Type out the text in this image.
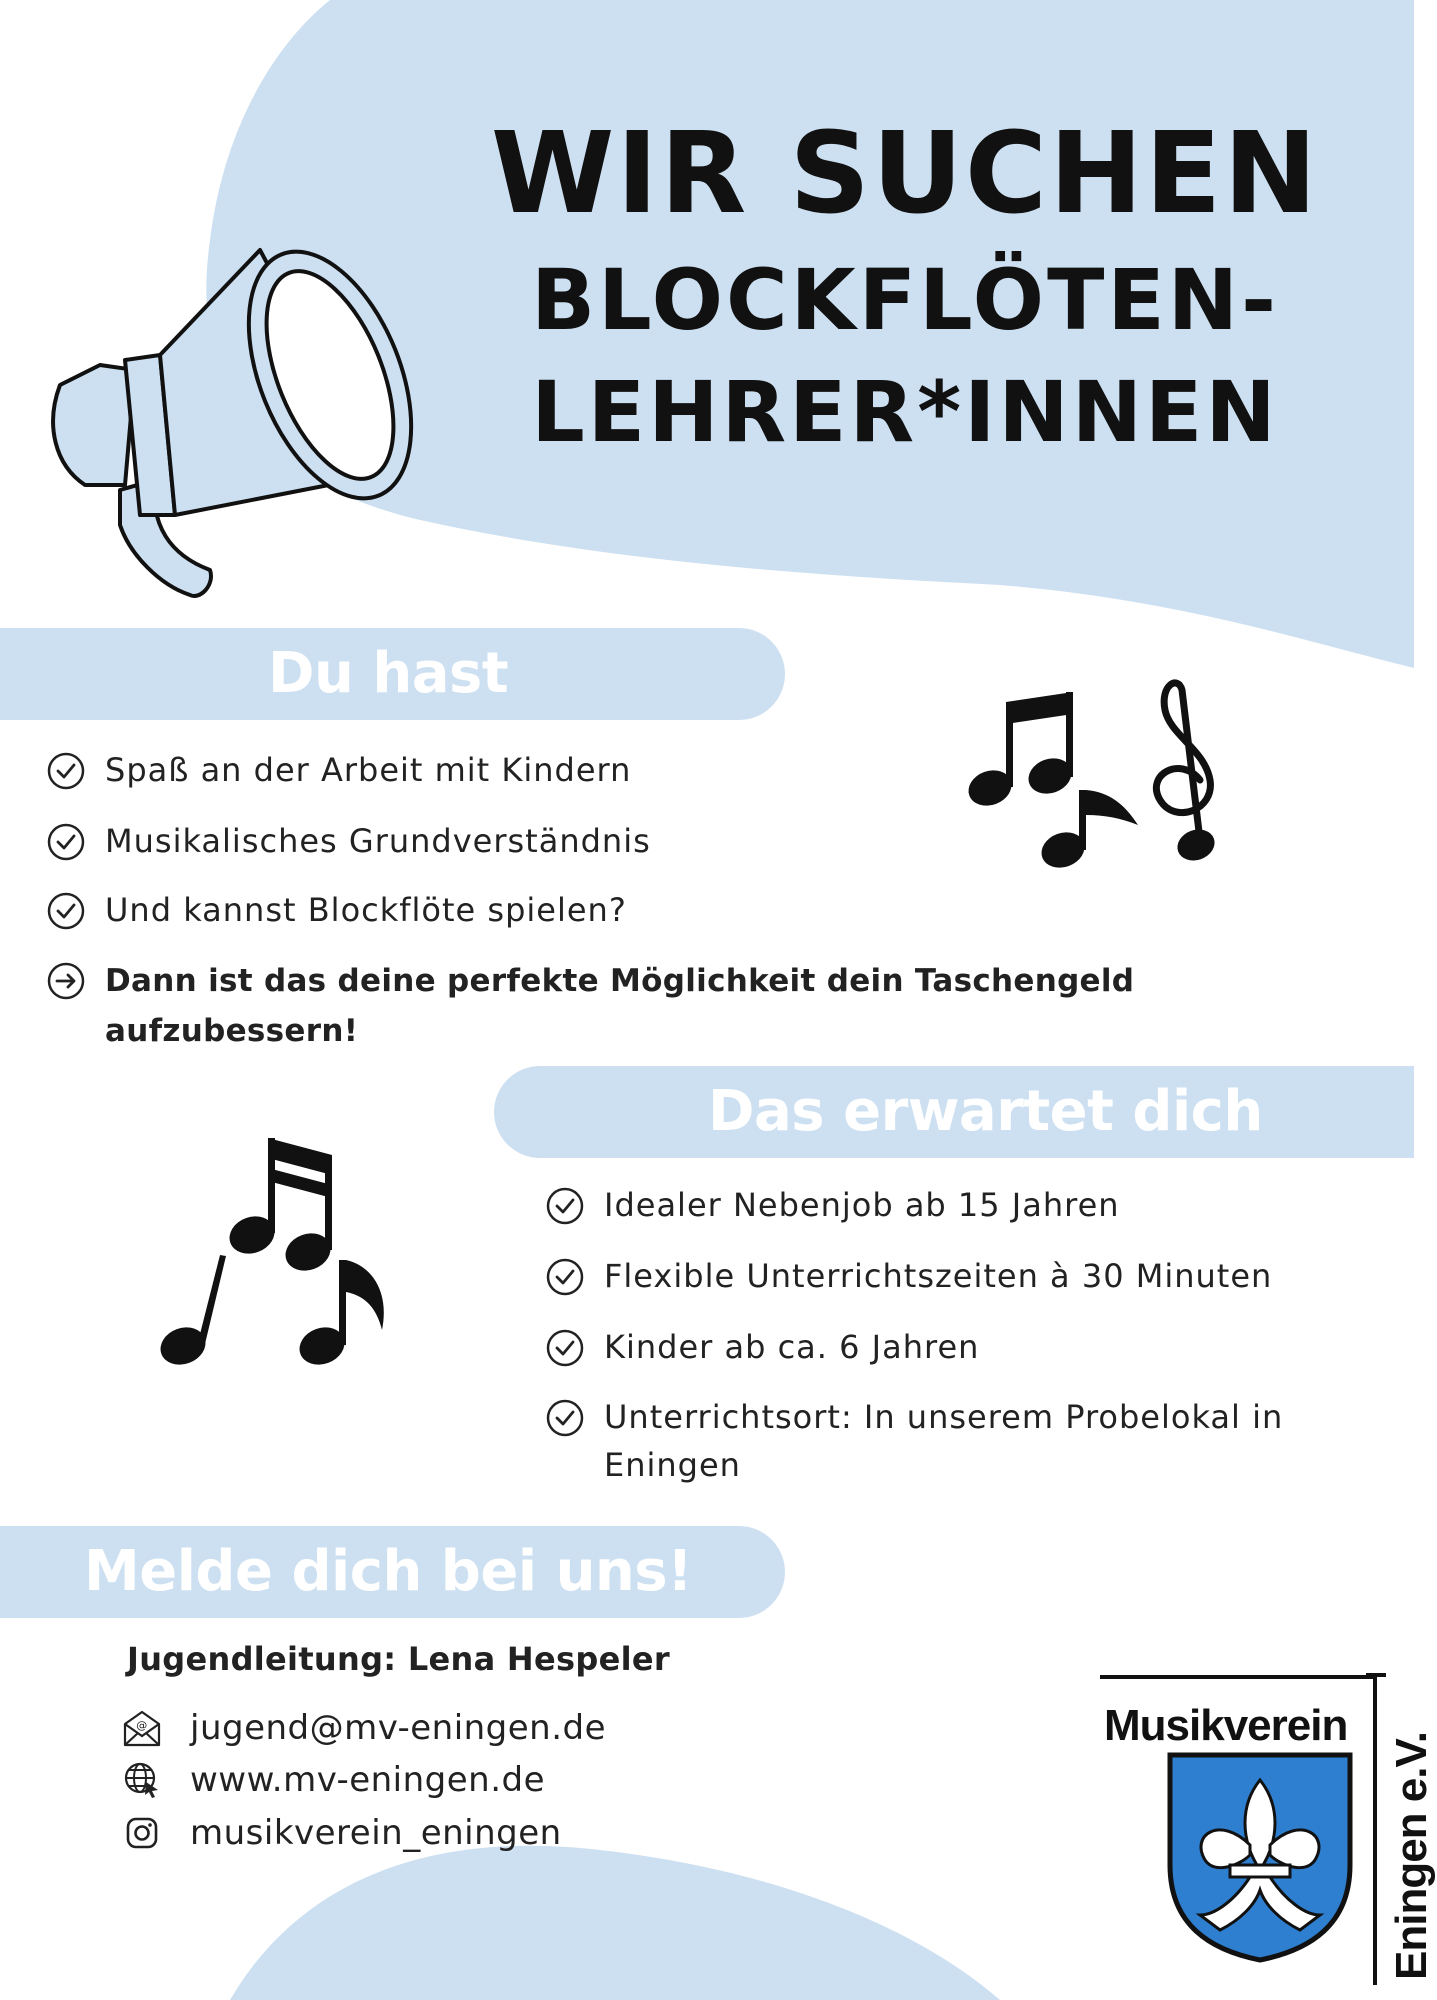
WIR SUCHEN
BLOCKFLÖTEN-
LEHRER*INNEN
Du hast
Spaß an der Arbeit mit Kindern
Musikalisches Grundverständnis
Und kannst Blockflöte spielen?
Dann ist das deine perfekte Möglichkeit dein Taschengeld
aufzubessern!
Das erwartet dich
Idealer Nebenjob ab 15 Jahren
Flexible Unterrichtszeiten à 30 Minuten
Kinder ab ca. 6 Jahren
Unterrichtsort: In unserem Probelokal in
Eningen
Melde dich bei uns!
Jugendleitung: Lena Hespeler
@ jugend@mv-eningen.de
www.mv-eningen.de
musikverein_eningen
Musikverein
Eningen e.V.
